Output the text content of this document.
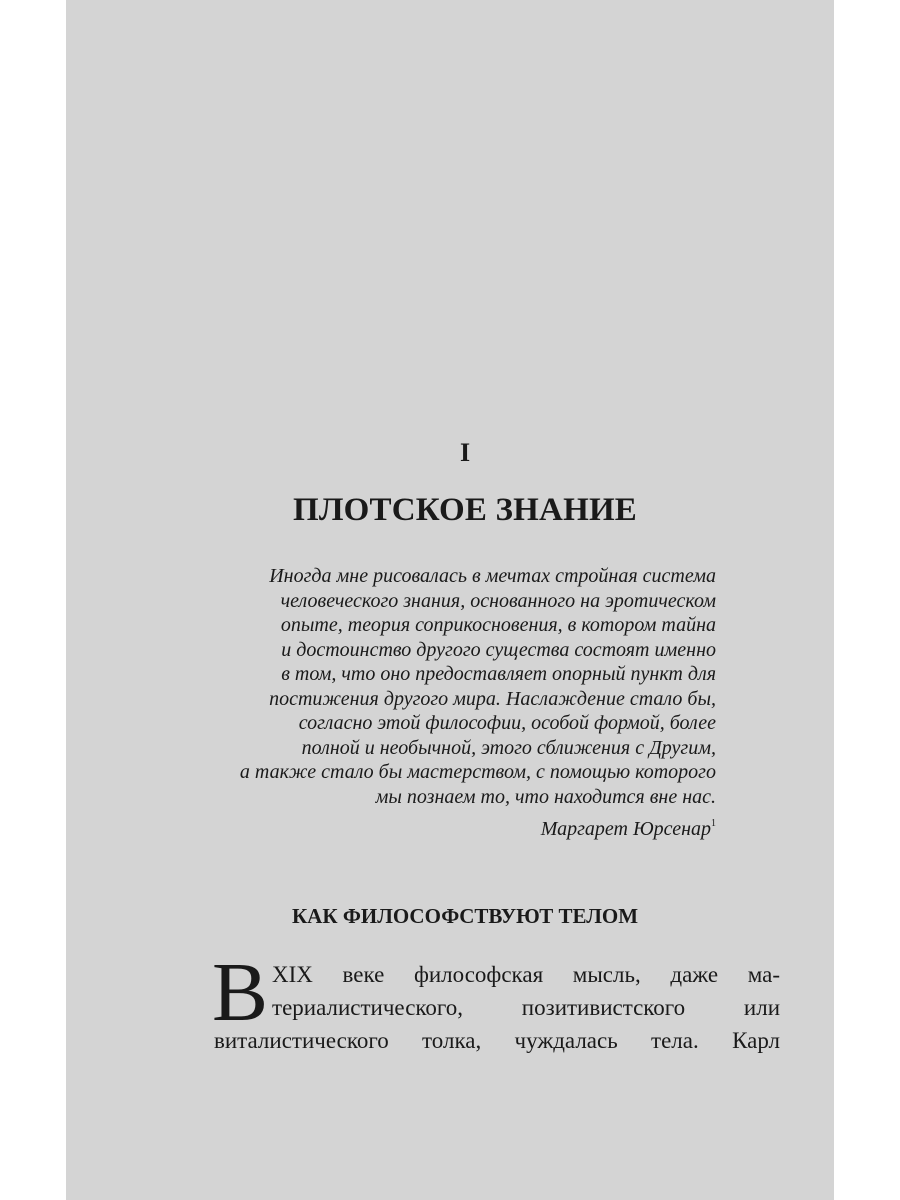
I
ПЛОТСКОЕ ЗНАНИЕ
Иногда мне рисовалась в мечтах стройная система
человеческого знания, основанного на эротическом
опыте, теория соприкосновения, в котором тайна
и достоинство другого существа состоят именно
в том, что оно предоставляет опорный пункт для
постижения другого мира. Наслаждение стало бы,
согласно этой философии, особой формой, более
полной и необычной, этого сближения с Другим,
а также стало бы мастерством, с помощью которого
мы познаем то, что находится вне нас.
Маргарет Юрсенар$^1$
КАК ФИЛОСОФСТВУЮТ ТЕЛОМ
В XIX веке философская мысль, даже ма-
териалистического, позитивистского или
виталистического толка, чуждалась тела. Карл
